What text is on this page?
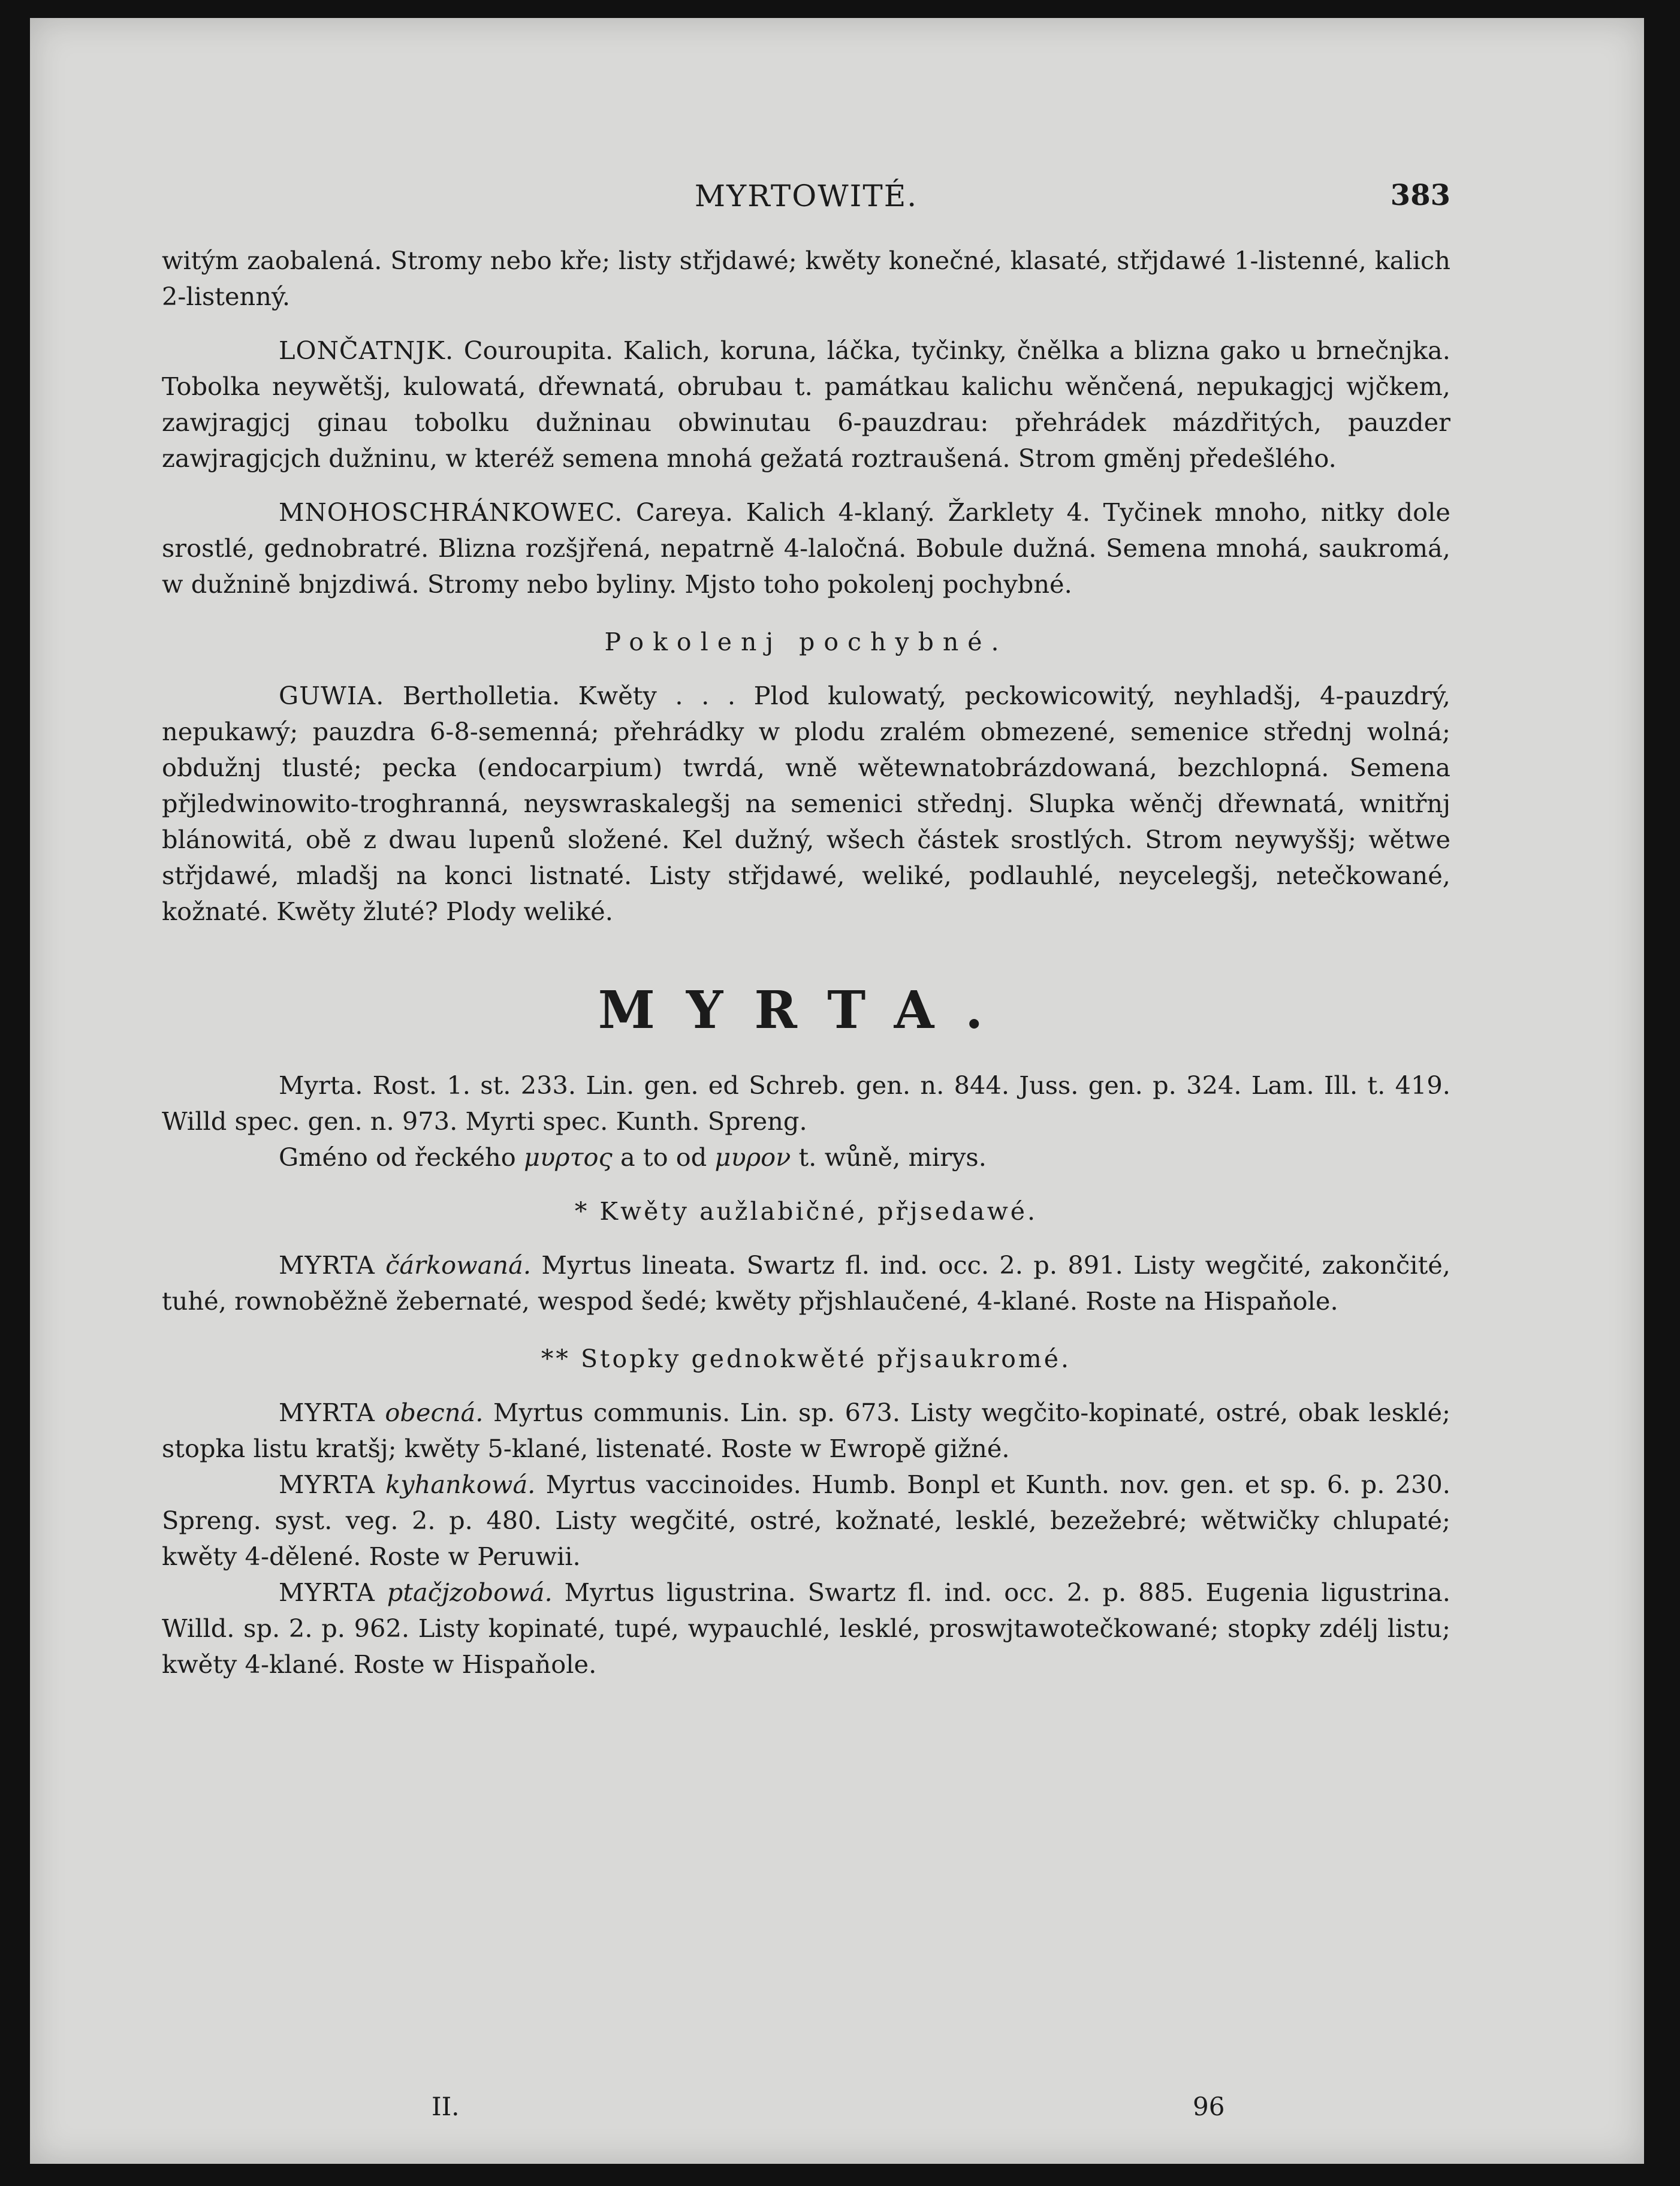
MYRTOWITÉ.	383

witým zaobalená. Stromy nebo kře; listy střjdawé; kwěty konečné, klasaté, střjdawé 1-listenné, kalich 2-listenný.

LONČATNJK. Couroupita. Kalich, koruna, láčka, tyčinky, čnělka a blizna gako u brnečnjka. Tobolka neywětšj, kulowatá, dřewnatá, obrubau t. památkau kalichu wěnčená, nepukagjcj wjčkem, zawjragjcj ginau tobolku dužninau obwinutau 6-pauzdrau: přehrádek mázdřitých, pauzder zawjragjcjch dužninu, w kteréž semena mnohá gežatá roztraušená. Strom gměnj předešlého.

MNOHOSCHRÁNKOWEC. Careya. Kalich 4-klaný. Žarklety 4. Tyčinek mnoho, nitky dole srostlé, gednobratré. Blizna rozšjřená, nepatrně 4-laločná. Bobule dužná. Semena mnohá, saukromá, w dužnině bnjzdiwá. Stromy nebo byliny. Mjsto toho pokolenj pochybné.

Pokolenj pochybné.

GUWIA. Bertholletia. Kwěty . . . Plod kulowatý, peckowicowitý, neyhladšj, 4-pauzdrý, nepukawý; pauzdra 6-8-semenná; přehrádky w plodu zralém obmezené, semenice střednj wolná; obdužnj tlusté; pecka (endocarpium) twrdá, wně wětewnatobrázdowaná, bezchlopná. Semena přjledwinowito-troghranná, neyswraskalegšj na semenici střednj. Slupka wěnčj dřewnatá, wnitřnj blánowitá, obě z dwau lupenů složené. Kel dužný, wšech částek srostlých. Strom neywyššj; wětwe střjdawé, mladšj na konci listnaté. Listy střjdawé, weliké, podlauhlé, neycelegšj, netečkowané, kožnaté. Kwěty žluté? Plody weliké.

MYRTA.

Myrta. Rost. 1. st. 233. Lin. gen. ed Schreb. gen. n. 844. Juss. gen. p. 324. Lam. Ill. t. 419. Willd spec. gen. n. 973. Myrti spec. Kunth. Spreng.

Gméno od řeckého μυρτος a to od μυρον t. wůně, mirys.

* Kwěty aužlabičné, přjsedawé.

MYRTA čárkowaná. Myrtus lineata. Swartz fl. ind. occ. 2. p. 891. Listy wegčité, zakončité, tuhé, rownoběžně žebernaté, wespod šedé; kwěty přjshlaučené, 4-klané. Roste na Hispaňole.

** Stopky gednokwěté přjsaukromé.

MYRTA obecná. Myrtus communis. Lin. sp. 673. Listy wegčito-kopinaté, ostré, obak lesklé; stopka listu kratšj; kwěty 5-klané, listenaté. Roste w Ewropě gižné.

MYRTA kyhankowá. Myrtus vaccinoides. Humb. Bonpl et Kunth. nov. gen. et sp. 6. p. 230. Spreng. syst. veg. 2. p. 480. Listy wegčité, ostré, kožnaté, lesklé, bezežebré; wětwičky chlupaté; kwěty 4-dělené. Roste w Peruwii.

MYRTA ptačjzobowá. Myrtus ligustrina. Swartz fl. ind. occ. 2. p. 885. Eugenia ligustrina. Willd. sp. 2. p. 962. Listy kopinaté, tupé, wypauchlé, lesklé, proswjtawotečkowané; stopky zdélj listu; kwěty 4-klané. Roste w Hispaňole.

II.	96
